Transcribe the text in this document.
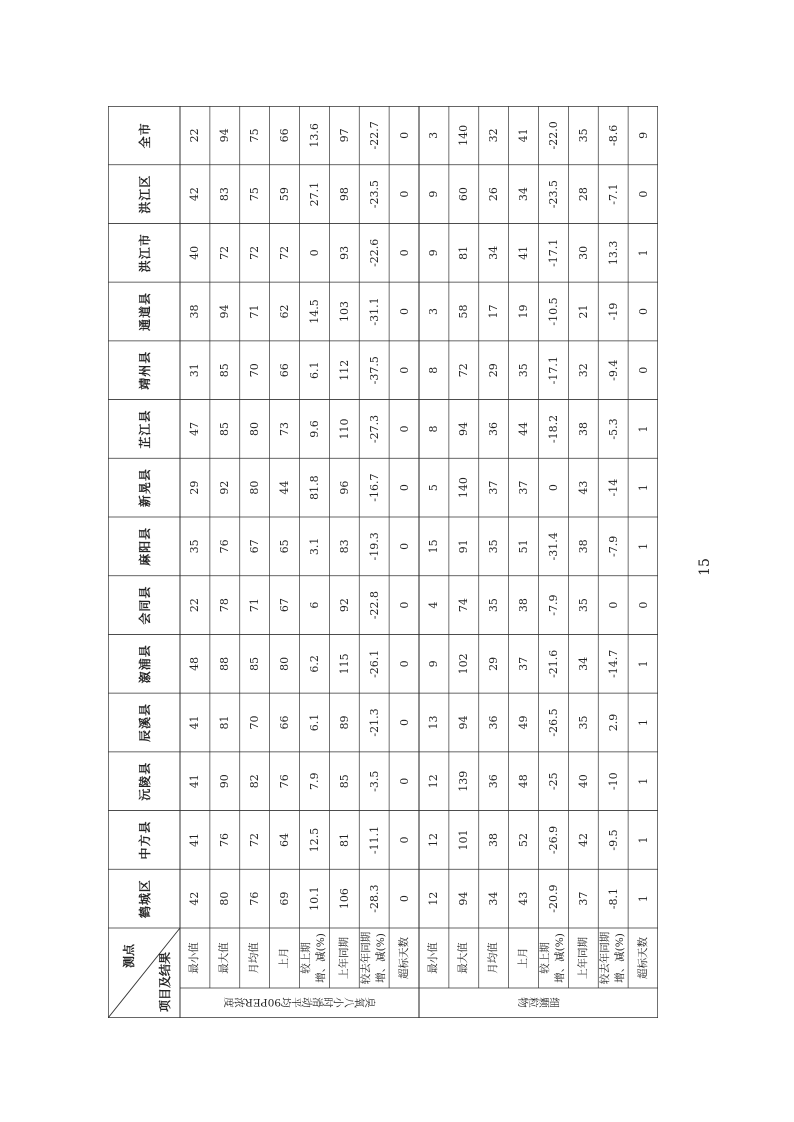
测点 项目及结果
鹤城区
中方县
沅陵县
辰溪县
溆浦县
会同县
麻阳县
新晃县
芷江县
靖州县
通道县
洪江市
洪江区
全市
臭氧八小时滑动平均90PER浓度	细颗粒物
最小值
42
41
41
41
48
22
35
29
47
31
38
40
42
22
最大值
80
76
90
81
88
78
76
92
85
85
94
72
83
94
月均值
76
72
82
70
85
71
67
80
80
70
71
72
75
75
上月
69
64
76
66
80
67
65
44
73
66
62
72
59
66
较上期 增、减(%)
10.1
12.5
7.9
6.1
6.2
6
3.1
81.8
9.6
6.1
14.5
0
27.1
13.6
上年同期
106
81
85
89
115
92
83
96
110
112
103
93
98
97
较去年同期 增、减(%)
-28.3
-11.1
-3.5
-21.3
-26.1
-22.8
-19.3
-16.7
-27.3
-37.5
-31.1
-22.6
-23.5
-22.7
超标天数
0
0
0
0
0
0
0
0
0
0
0
0
0
0
最小值
12
12
12
13
9
4
15
5
8
8
3
9
9
3
最大值
94
101
139
94
102
74
91
140
94
72
58
81
60
140
月均值
34
38
36
36
29
35
35
37
36
29
17
34
26
32
上月
43
52
48
49
37
38
51
37
44
35
19
41
34
41
较上期 增、减(%)
-20.9
-26.9
-25
-26.5
-21.6
-7.9
-31.4
0
-18.2
-17.1
-10.5
-17.1
-23.5
-22.0
上年同期
37
42
40
35
34
35
38
43
38
32
21
30
28
35
较去年同期 增、减(%)
-8.1
-9.5
-10
2.9
-14.7
0
-7.9
-14
-5.3
-9.4
-19
13.3
-7.1
-8.6
超标天数
1
1
1
1
1
0
1
1
1
0
0
1
0
9
15
